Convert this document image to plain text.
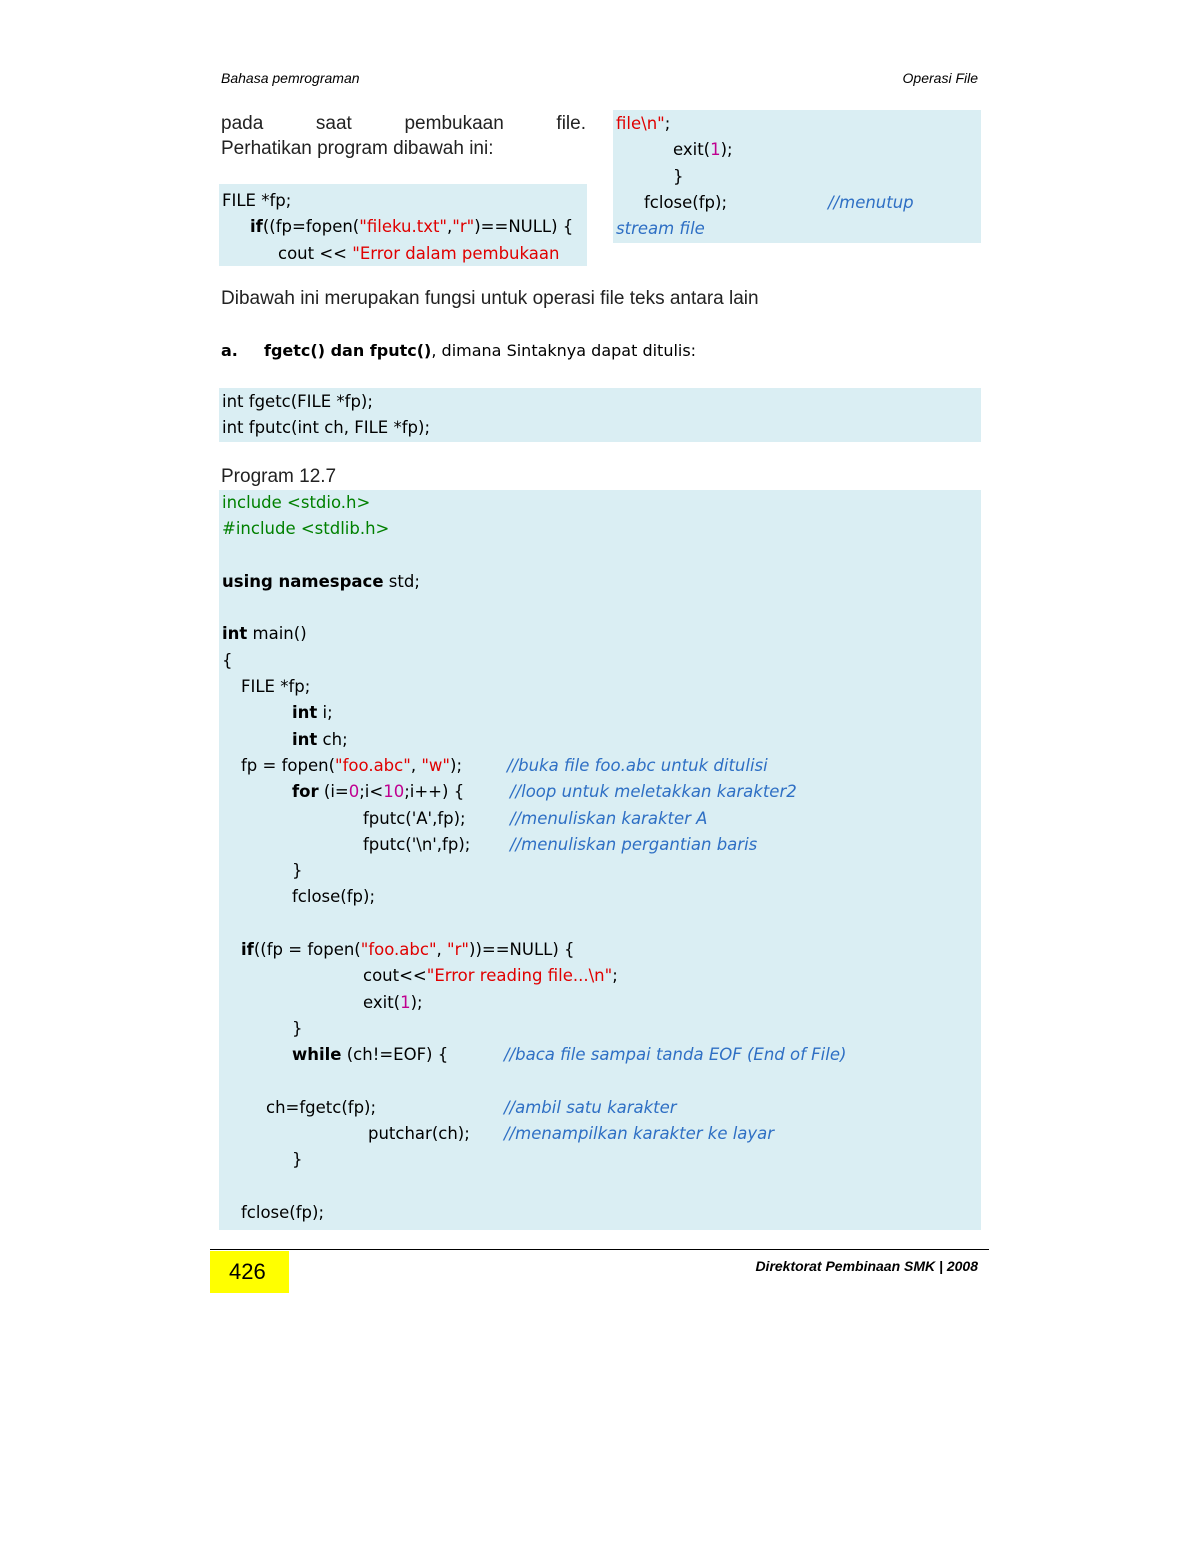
Bahasa pemrograman	Operasi File
pada	saat	pembukaan	file.
Perhatikan program dibawah ini:
FILE *fp;
if((fp=fopen("fileku.txt","r")==NULL) {
cout << "Error dalam pembukaan
file\n";
exit(1);
}
fclose(fp);	//menutup
stream file
Dibawah ini merupakan fungsi untuk operasi file teks antara lain
a. fgetc() dan fputc(), dimana Sintaknya dapat ditulis:
int fgetc(FILE *fp);
int fputc(int ch, FILE *fp);
Program 12.7
include <stdio.h>
#include <stdlib.h>
using namespace std;
int main()
{
FILE *fp;
int i;
int ch;
fp = fopen("foo.abc", "w");	//buka file foo.abc untuk ditulisi
for (i=0;i<10;i++) {	//loop untuk meletakkan karakter2
fputc('A',fp);	//menuliskan karakter A
fputc('\n',fp); //menuliskan pergantian baris
}
fclose(fp);
if((fp = fopen("foo.abc", "r"))==NULL) {
cout<<"Error reading file...\n";
exit(1);
}
while (ch!=EOF) {	//baca file sampai tanda EOF (End of File)
ch=fgetc(fp);	//ambil satu karakter
putchar(ch); //menampilkan karakter ke layar
}
fclose(fp);
426	Direktorat Pembinaan SMK | 2008
